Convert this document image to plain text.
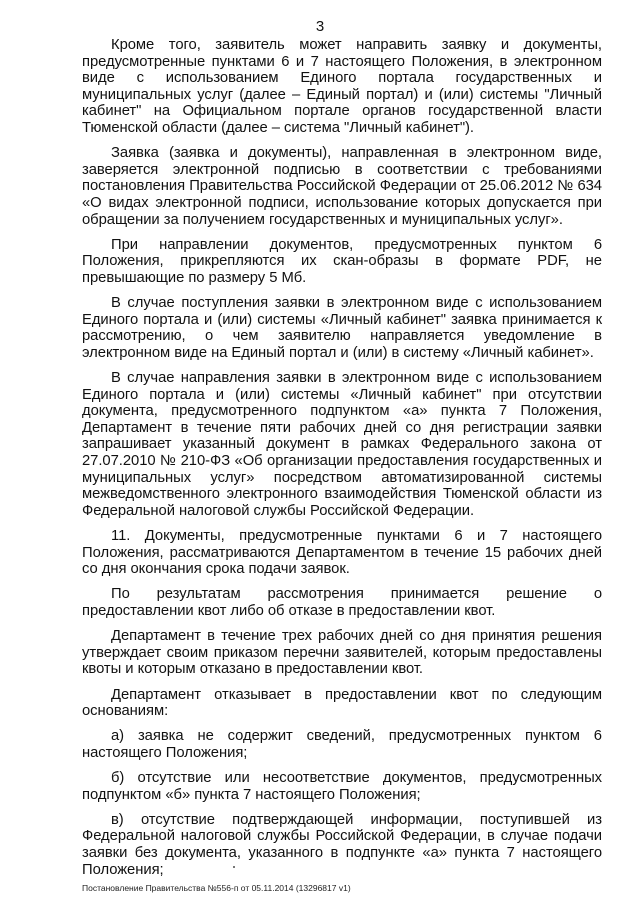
3

Кроме того, заявитель может направить заявку и документы, предусмотренные пунктами 6 и 7 настоящего Положения, в электронном виде с использованием Единого портала государственных и муниципальных услуг (далее – Единый портал) и (или) системы "Личный кабинет" на Официальном портале органов государственной власти Тюменской области (далее – система "Личный кабинет").

Заявка (заявка и документы), направленная в электронном виде, заверяется электронной подписью в соответствии с требованиями постановления Правительства Российской Федерации от 25.06.2012 № 634 «О видах электронной подписи, использование которых допускается при обращении за получением государственных и муниципальных услуг».

При направлении документов, предусмотренных пунктом 6 Положения, прикрепляются их скан-образы в формате PDF, не превышающие по размеру 5 Мб.

В случае поступления заявки в электронном виде с использованием Единого портала и (или) системы «Личный кабинет" заявка принимается к рассмотрению, о чем заявителю направляется уведомление в электронном виде на Единый портал и (или) в систему «Личный кабинет».

В случае направления заявки в электронном виде с использованием Единого портала и (или) системы «Личный кабинет" при отсутствии документа, предусмотренного подпунктом «а» пункта 7 Положения, Департамент в течение пяти рабочих дней со дня регистрации заявки запрашивает указанный документ в рамках Федерального закона от 27.07.2010 № 210-ФЗ «Об организации предоставления государственных и муниципальных услуг» посредством автоматизированной системы межведомственного электронного взаимодействия Тюменской области из Федеральной налоговой службы Российской Федерации.

11. Документы, предусмотренные пунктами 6 и 7 настоящего Положения, рассматриваются Департаментом в течение 15 рабочих дней со дня окончания срока подачи заявок.

По результатам рассмотрения принимается решение о предоставлении квот либо об отказе в предоставлении квот.

Департамент в течение трех рабочих дней со дня принятия решения утверждает своим приказом перечни заявителей, которым предоставлены квоты и которым отказано в предоставлении квот.

Департамент отказывает в предоставлении квот по следующим основаниям:

а) заявка не содержит сведений, предусмотренных пунктом 6 настоящего Положения;

б) отсутствие или несоответствие документов, предусмотренных подпунктом «б» пункта 7 настоящего Положения;

в) отсутствие подтверждающей информации, поступившей из Федеральной налоговой службы Российской Федерации, в случае подачи заявки без документа, указанного в подпункте «а» пункта 7 настоящего Положения;

Постановление Правительства №556-п от 05.11.2014 (13296817 v1)
